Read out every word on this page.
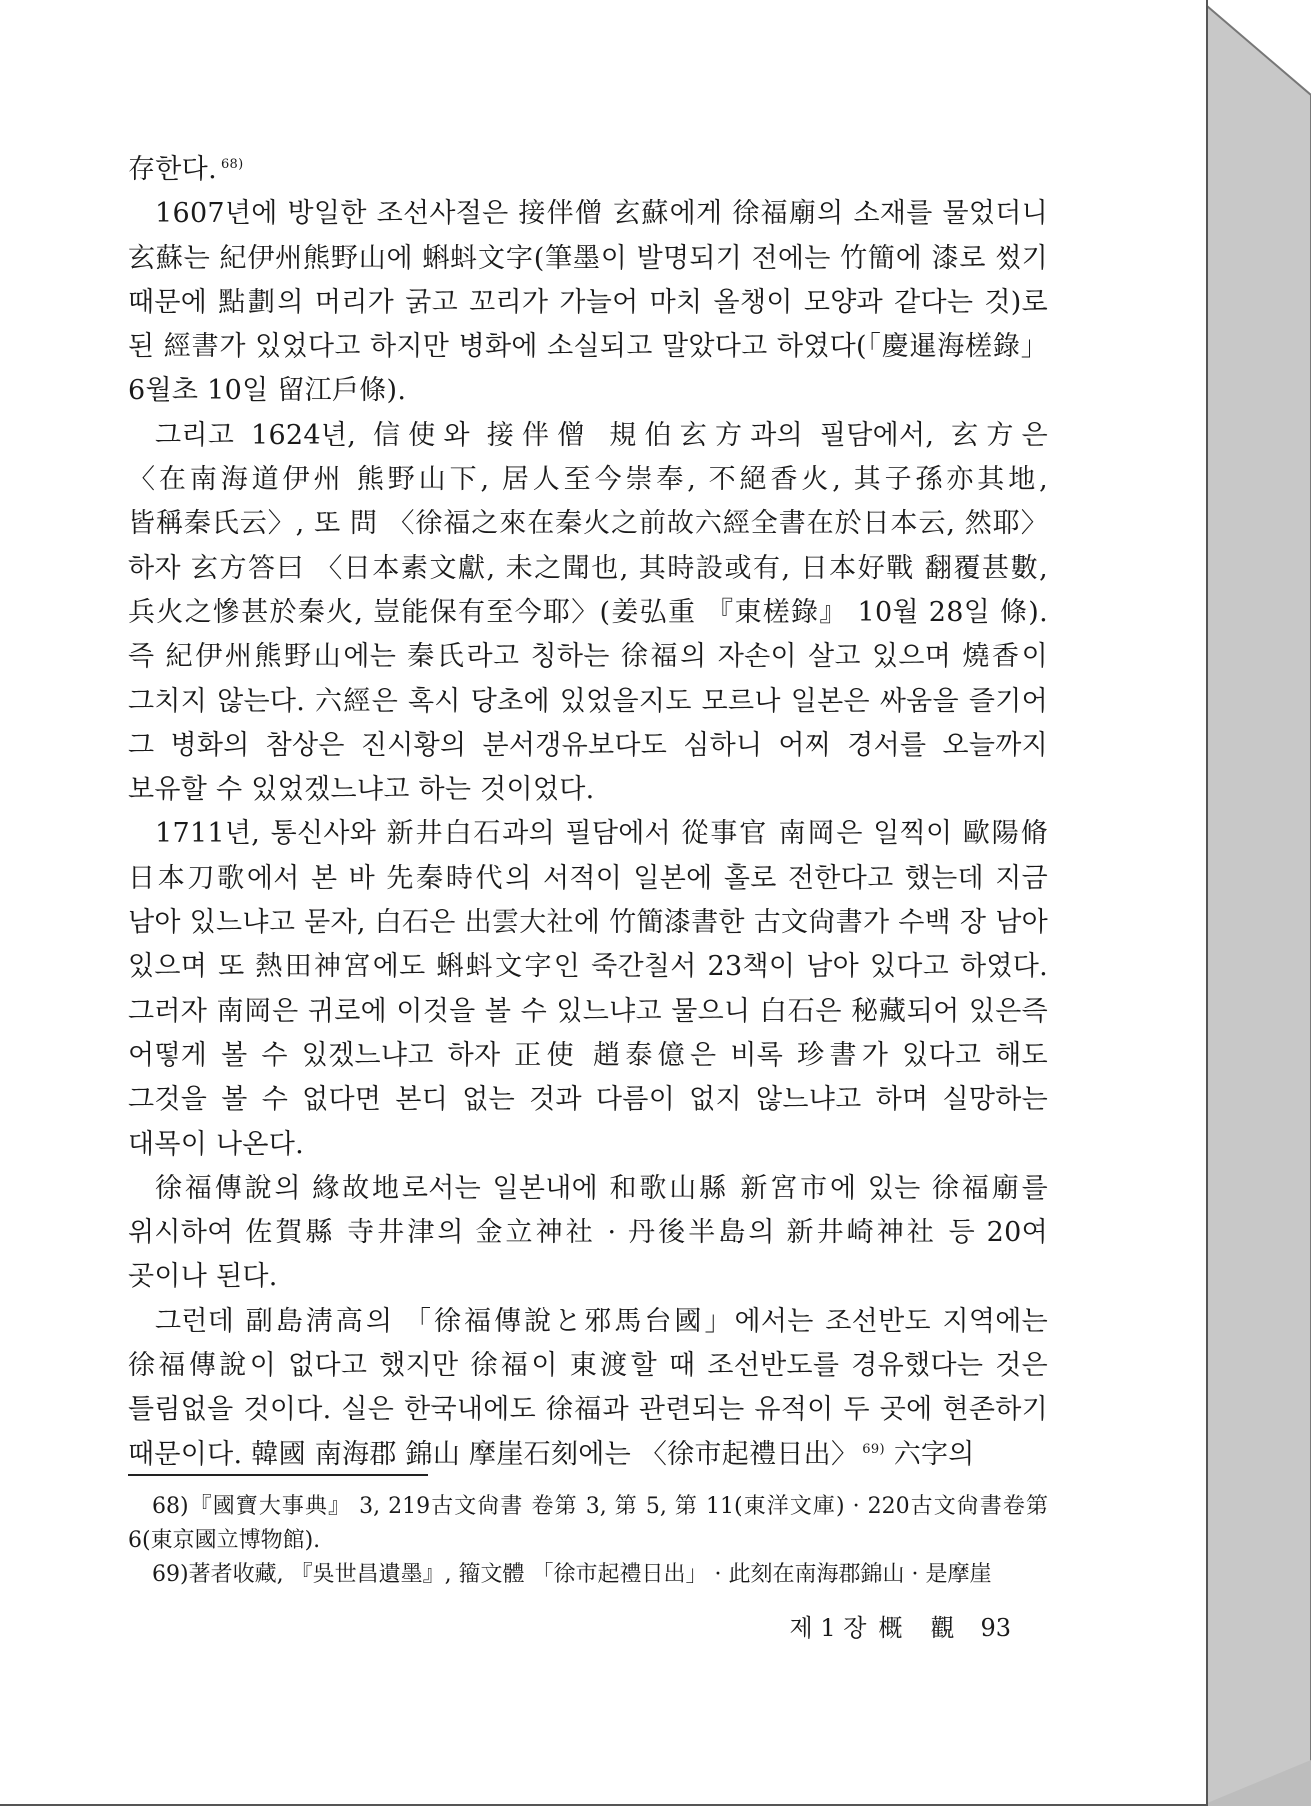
存한다. $^{68)}$

1607년에 방일한 조선사절은 接伴僧 玄蘇에게 徐福廟의 소재를 물었더니 玄蘇는 紀伊州熊野山에 蝌蚪文字(筆墨이 발명되기 전에는 竹簡에 漆로 썼기 때문에 點劃의 머리가 굵고 꼬리가 가늘어 마치 올챙이 모양과 같다는 것)로 된 經書가 있었다고 하지만 병화에 소실되고 말았다고 하였다(「慶暹海槎錄」 6월초 10일 留江戶條).

그리고 1624년, 信使와 接伴僧 規伯玄方과의 필담에서, 玄方은 〈在南海道伊州 熊野山下, 居人至今崇奉, 不絕香火, 其子孫亦其地, 皆稱秦氏云〉, 또 問 〈徐福之來在秦火之前故六經全書在於日本云, 然耶〉 하자 玄方答曰 〈日本素文獻, 未之聞也, 其時設或有, 日本好戰 翻覆甚數, 兵火之慘甚於秦火, 豈能保有至今耶〉(姜弘重 『東槎錄』 10월 28일 條). 즉 紀伊州熊野山에는 秦氏라고 칭하는 徐福의 자손이 살고 있으며 燒香이 그치지 않는다. 六經은 혹시 당초에 있었을지도 모르나 일본은 싸움을 즐기어 그 병화의 참상은 진시황의 분서갱유보다도 심하니 어찌 경서를 오늘까지 보유할 수 있었겠느냐고 하는 것이었다.

1711년, 통신사와 新井白石과의 필담에서 從事官 南岡은 일찍이 歐陽脩 日本刀歌에서 본 바 先秦時代의 서적이 일본에 홀로 전한다고 했는데 지금 남아 있느냐고 묻자, 白石은 出雲大社에 竹簡漆書한 古文尙書가 수백 장 남아 있으며 또 熱田神宮에도 蝌蚪文字인 죽간칠서 23책이 남아 있다고 하였다. 그러자 南岡은 귀로에 이것을 볼 수 있느냐고 물으니 白石은 秘藏되어 있은즉 어떻게 볼 수 있겠느냐고 하자 正使 趙泰億은 비록 珍書가 있다고 해도 그것을 볼 수 없다면 본디 없는 것과 다름이 없지 않느냐고 하며 실망하는 대목이 나온다.

徐福傳說의 緣故地로서는 일본내에 和歌山縣 新宮市에 있는 徐福廟를 위시하여 佐賀縣 寺井津의 金立神社 · 丹後半島의 新井崎神社 등 20여 곳이나 된다.

그런데 副島淸高의 「徐福傳說と邪馬台國」에서는 조선반도 지역에는 徐福傳說이 없다고 했지만 徐福이 東渡할 때 조선반도를 경유했다는 것은 틀림없을 것이다. 실은 한국내에도 徐福과 관련되는 유적이 두 곳에 현존하기 때문이다. 韓國 南海郡 錦山 摩崖石刻에는 〈徐市起禮日出〉 $^{69)}$ 六字의

68)『國寶大事典』 3, 219古文尙書 卷第 3, 第 5, 第 11(東洋文庫) · 220古文尙書卷第 6(東京國立博物館).

69)著者收藏, 『吳世昌遺墨』, 籀文體 「徐市起禮日出」 · 此刻在南海郡錦山 · 是摩崖

제 1 장 概 觀 93
